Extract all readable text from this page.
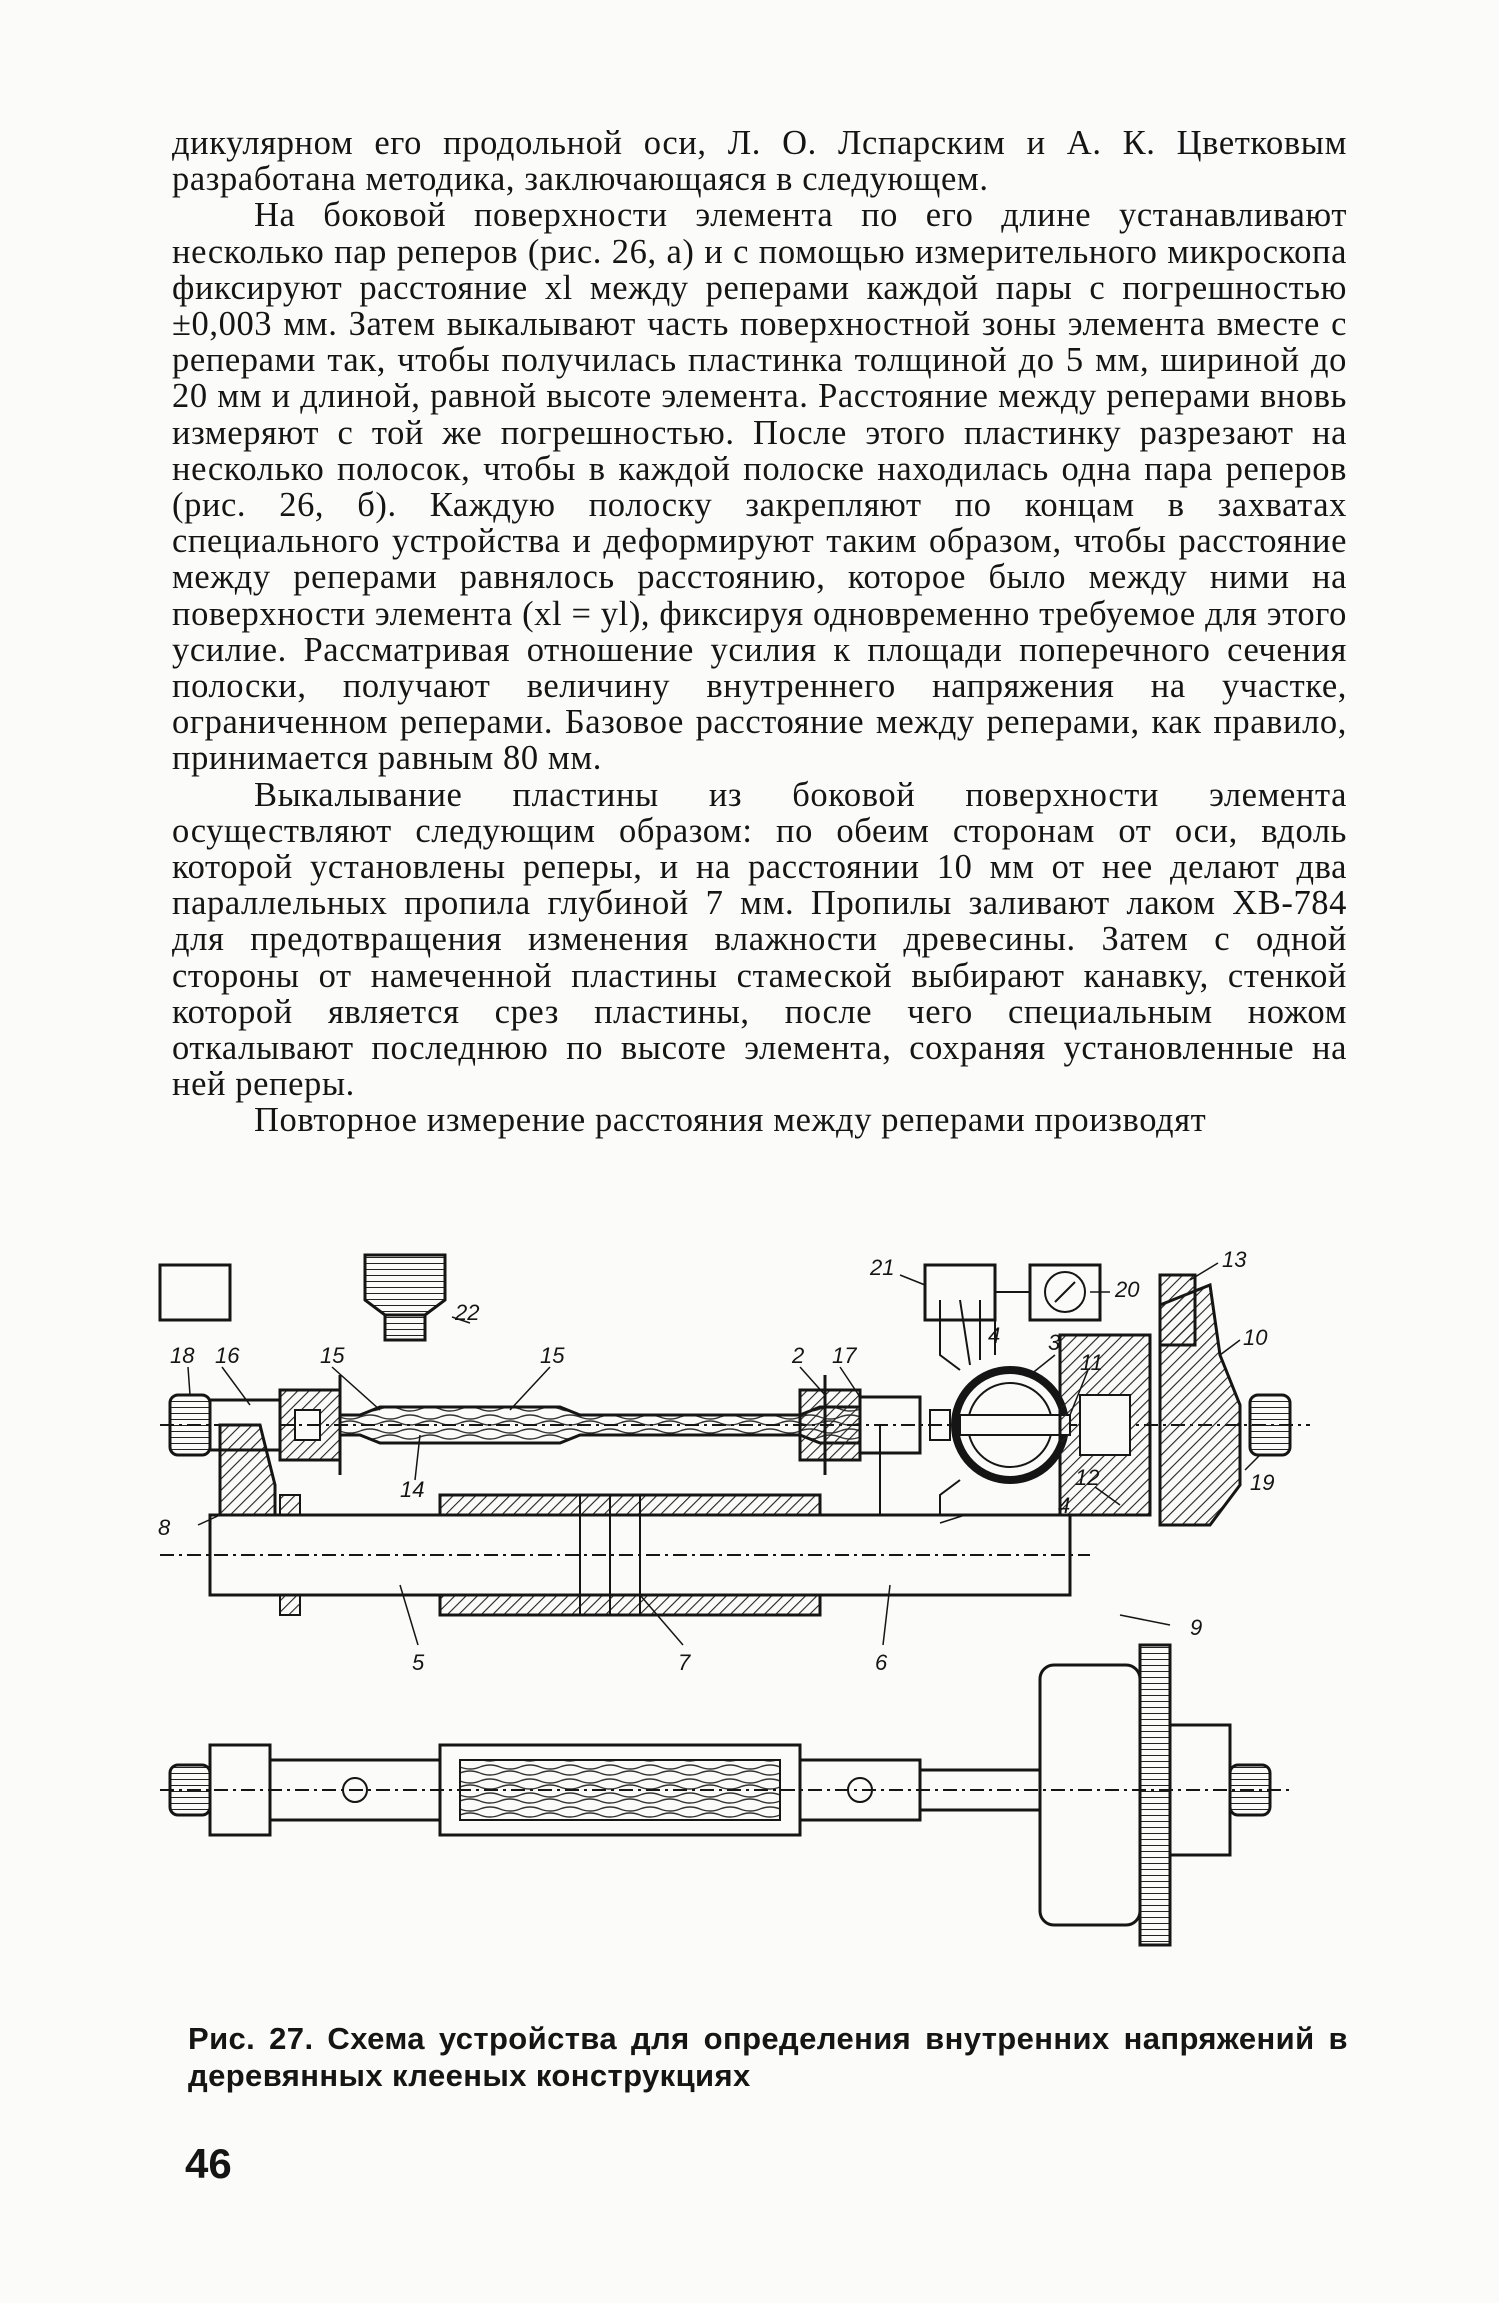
дикулярном его продольной оси, Л. О. Лспарским и А. К. Цветковым разработана методика, заключающаяся в следующем.

На боковой поверхности элемента по его длине устанавливают несколько пар реперов (рис. 26, а) и с помощью измерительного микроскопа фиксируют расстояние xl между реперами каждой пары с погрешностью ±0,003 мм. Затем выкалывают часть поверхностной зоны элемента вместе с реперами так, чтобы получилась пластинка толщиной до 5 мм, шириной до 20 мм и длиной, равной высоте элемента. Расстояние между реперами вновь измеряют с той же погрешностью. После этого пластинку разрезают на несколько полосок, чтобы в каждой полоске находилась одна пара реперов (рис. 26, б). Каждую полоску закрепляют по концам в захватах специального устройства и деформируют таким образом, чтобы расстояние между реперами равнялось расстоянию, которое было между ними на поверхности элемента (xl = yl), фиксируя одновременно требуемое для этого усилие. Рассматривая отношение усилия к площади поперечного сечения полоски, получают величину внутреннего напряжения на участке, ограниченном реперами. Базовое расстояние между реперами, как правило, принимается равным 80 мм.

Выкалывание пластины из боковой поверхности элемента осуществляют следующим образом: по обеим сторонам от оси, вдоль которой установлены реперы, и на расстоянии 10 мм от нее делают два параллельных пропила глубиной 7 мм. Пропилы заливают лаком ХВ-784 для предотвращения изменения влажности древесины. Затем с одной стороны от намеченной пластины стамеской выбирают канавку, стенкой которой является срез пластины, после чего специальным ножом откалывают последнюю по высоте элемента, сохраняя установленные на ней реперы.

Повторное измерение расстояния между реперами производят

18 16	15	15
14
22
2 17
3
11
4
4
20
21	13
10
12	19
8
9
5	7	6
Рис. 27. Схема устройства для определения внутренних напряжений в деревянных клееных конструкциях
46
